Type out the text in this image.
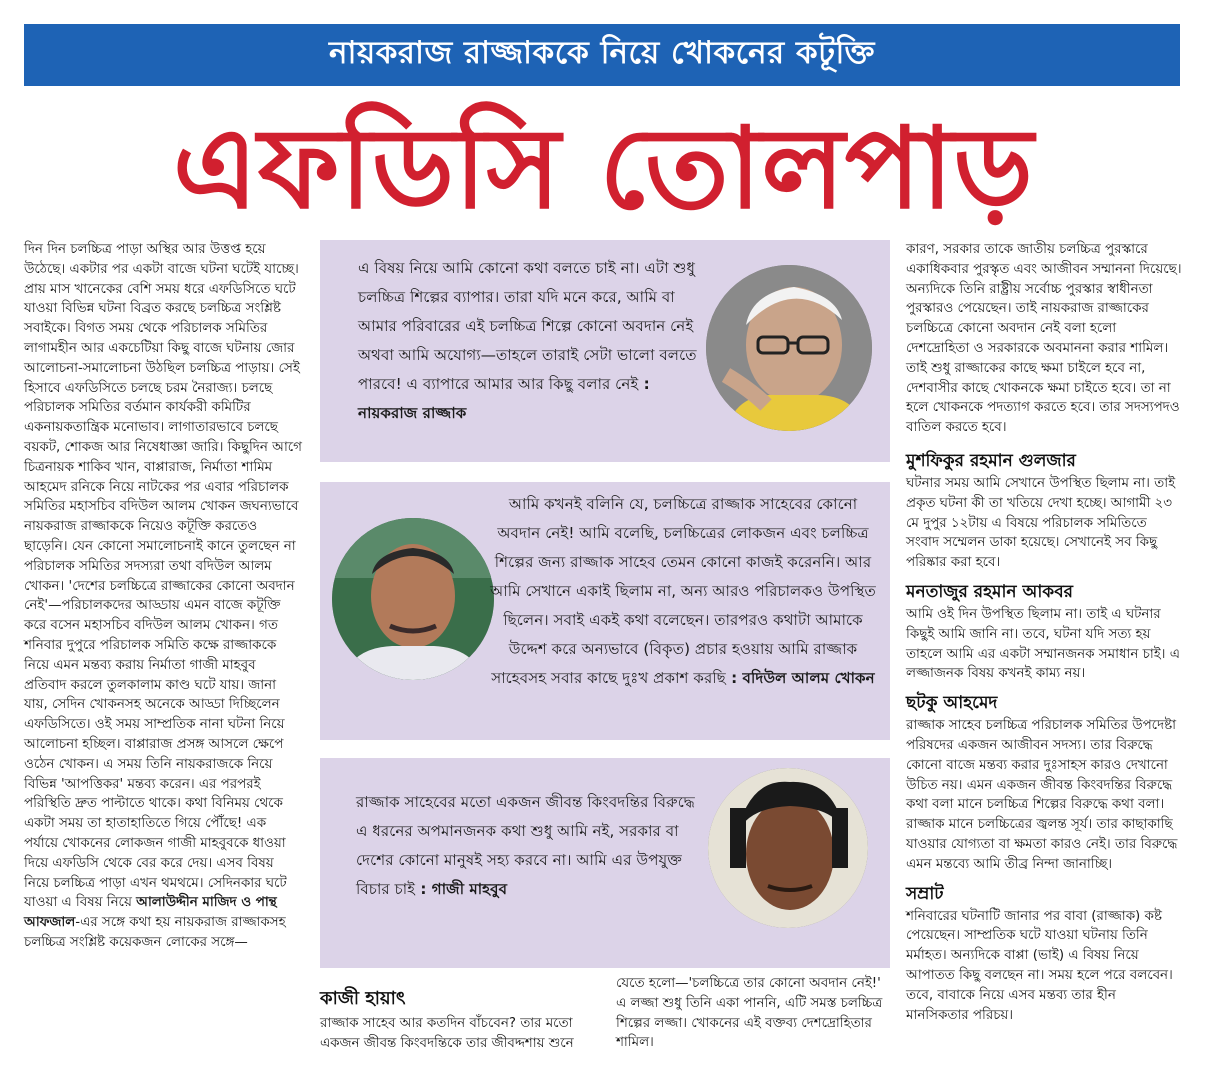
নায়করাজ রাজ্জাককে নিয়ে খোকনের কটূক্তি
এফডিসি তোলপাড়

দিন দিন চলচ্চিত্র পাড়া অস্থির আর উত্তপ্ত হয়ে উঠেছে। একটার পর একটা বাজে ঘটনা ঘটেই যাচ্ছে। প্রায় মাস খানেকের বেশি সময় ধরে এফডিসিতে ঘটে যাওয়া বিভিন্ন ঘটনা বিব্রত করছে চলচ্চিত্র সংশ্লিষ্ট সবাইকে। বিগত সময় থেকে পরিচালক সমিতির লাগামহীন আর একচেটিয়া কিছু বাজে ঘটনায় জোর আলোচনা-সমালোচনা উঠছিল চলচ্চিত্র পাড়ায়। সেই হিসাবে এফডিসিতে চলছে চরম নৈরাজ্য। চলছে পরিচালক সমিতির বর্তমান কার্যকরী কমিটির একনায়কতান্ত্রিক মনোভাব। লাগাতারভাবে চলছে বয়কট, শোকজ আর নিষেধাজ্ঞা জারি। কিছুদিন আগে চিত্রনায়ক শাকিব খান, বাপ্পারাজ, নির্মাতা শামিম আহমেদ রনিকে নিয়ে নাটকের পর এবার পরিচালক সমিতির মহাসচিব বদিউল আলম খোকন জঘন্যভাবে নায়করাজ রাজ্জাককে নিয়েও কটূক্তি করতেও ছাড়েনি। যেন কোনো সমালোচনাই কানে তুলছেন না পরিচালক সমিতির সদস্যরা তথা বদিউল আলম খোকন। 'দেশের চলচ্চিত্রে রাজ্জাকের কোনো অবদান নেই'—পরিচালকদের আড্ডায় এমন বাজে কটূক্তি করে বসেন মহাসচিব বদিউল আলম খোকন। গত শনিবার দুপুরে পরিচালক সমিতি কক্ষে রাজ্জাককে নিয়ে এমন মন্তব্য করায় নির্মাতা গাজী মাহবুব প্রতিবাদ করলে তুলকালাম কাণ্ড ঘটে যায়। জানা যায়, সেদিন খোকনসহ অনেকে আড্ডা দিচ্ছিলেন এফডিসিতে। ওই সময় সাম্প্রতিক নানা ঘটনা নিয়ে আলোচনা হচ্ছিল। বাপ্পারাজ প্রসঙ্গ আসলে ক্ষেপে ওঠেন খোকন। এ সময় তিনি নায়করাজকে নিয়ে বিভিন্ন 'আপত্তিকর' মন্তব্য করেন। এর পরপরই পরিস্থিতি দ্রুত পাল্টাতে থাকে। কথা বিনিময় থেকে একটা সময় তা হাতাহাতিতে গিয়ে পৌঁছে! এক পর্যায়ে খোকনের লোকজন গাজী মাহবুবকে ধাওয়া দিয়ে এফডিসি থেকে বের করে দেয়। এসব বিষয় নিয়ে চলচ্চিত্র পাড়া এখন থমথমে। সেদিনকার ঘটে যাওয়া এ বিষয় নিয়ে আলাউদ্দীন মাজিদ ও পান্থ আফজাল-এর সঙ্গে কথা হয় নায়করাজ রাজ্জাকসহ চলচ্চিত্র সংশ্লিষ্ট কয়েকজন লোকের সঙ্গে—

এ বিষয় নিয়ে আমি কোনো কথা বলতে চাই না। এটা শুধু চলচ্চিত্র শিল্পের ব্যাপার। তারা যদি মনে করে, আমি বা আমার পরিবারের এই চলচ্চিত্র শিল্পে কোনো অবদান নেই অথবা আমি অযোগ্য—তাহলে তারাই সেটা ভালো বলতে পারবে! এ ব্যাপারে আমার আর কিছু বলার নেই : নায়করাজ রাজ্জাক
আমি কখনই বলিনি যে, চলচ্চিত্রে রাজ্জাক সাহেবের কোনো অবদান নেই! আমি বলেছি, চলচ্চিত্রের লোকজন এবং চলচ্চিত্র শিল্পের জন্য রাজ্জাক সাহেব তেমন কোনো কাজই করেননি। আর আমি সেখানে একাই ছিলাম না, অন্য আরও পরিচালকও উপস্থিত ছিলেন। সবাই একই কথা বলেছেন। তারপরও কথাটা আমাকে উদ্দেশ করে অন্যভাবে (বিকৃত) প্রচার হওয়ায় আমি রাজ্জাক সাহেবসহ সবার কাছে দুঃখ প্রকাশ করছি : বদিউল আলম খোকন
রাজ্জাক সাহেবের মতো একজন জীবন্ত কিংবদন্তির বিরুদ্ধে এ ধরনের অপমানজনক কথা শুধু আমি নই, সরকার বা দেশের কোনো মানুষই সহ্য করবে না। আমি এর উপযুক্ত বিচার চাই : গাজী মাহবুব
কাজী হায়াৎ

রাজ্জাক সাহেব আর কতদিন বাঁচবেন? তার মতো একজন জীবন্ত কিংবদন্তিকে তার জীবদ্দশায় শুনে

যেতে হলো—'চলচ্চিত্রে তার কোনো অবদান নেই!' এ লজ্জা শুধু তিনি একা পাননি, এটি সমস্ত চলচ্চিত্র শিল্পের লজ্জা। খোকনের এই বক্তব্য দেশদ্রোহিতার শামিল।

কারণ, সরকার তাকে জাতীয় চলচ্চিত্র পুরস্কারে একাধিকবার পুরস্কৃত এবং আজীবন সম্মাননা দিয়েছে। অন্যদিকে তিনি রাষ্ট্রীয় সর্বোচ্চ পুরস্কার স্বাধীনতা পুরস্কারও পেয়েছেন। তাই নায়করাজ রাজ্জাকের চলচ্চিত্রে কোনো অবদান নেই বলা হলো দেশদ্রোহিতা ও সরকারকে অবমাননা করার শামিল। তাই শুধু রাজ্জাকের কাছে ক্ষমা চাইলে হবে না, দেশবাসীর কাছে খোকনকে ক্ষমা চাইতে হবে। তা না হলে খোকনকে পদত্যাগ করতে হবে। তার সদস্যপদও বাতিল করতে হবে।

মুশফিকুর রহমান গুলজার

ঘটনার সময় আমি সেখানে উপস্থিত ছিলাম না। তাই প্রকৃত ঘটনা কী তা খতিয়ে দেখা হচ্ছে। আগামী ২৩ মে দুপুর ১২টায় এ বিষয়ে পরিচালক সমিতিতে সংবাদ সম্মেলন ডাকা হয়েছে। সেখানেই সব কিছু পরিষ্কার করা হবে।

মনতাজুর রহমান আকবর

আমি ওই দিন উপস্থিত ছিলাম না। তাই এ ঘটনার কিছুই আমি জানি না। তবে, ঘটনা যদি সত্য হয় তাহলে আমি এর একটা সম্মানজনক সমাধান চাই। এ লজ্জাজনক বিষয় কখনই কাম্য নয়।

ছটকু আহমেদ

রাজ্জাক সাহেব চলচ্চিত্র পরিচালক সমিতির উপদেষ্টা পরিষদের একজন আজীবন সদস্য। তার বিরুদ্ধে কোনো বাজে মন্তব্য করার দুঃসাহস কারও দেখানো উচিত নয়। এমন একজন জীবন্ত কিংবদন্তির বিরুদ্ধে কথা বলা মানে চলচ্চিত্র শিল্পের বিরুদ্ধে কথা বলা। রাজ্জাক মানে চলচ্চিত্রের জ্বলন্ত সূর্য। তার কাছাকাছি যাওয়ার যোগ্যতা বা ক্ষমতা কারও নেই। তার বিরুদ্ধে এমন মন্তব্যে আমি তীব্র নিন্দা জানাচ্ছি।

সম্রাট

শনিবারের ঘটনাটি জানার পর বাবা (রাজ্জাক) কষ্ট পেয়েছেন। সাম্প্রতিক ঘটে যাওয়া ঘটনায় তিনি মর্মাহত। অন্যদিকে বাপ্পা (ভাই) এ বিষয় নিয়ে আপাতত কিছু বলছেন না। সময় হলে পরে বলবেন। তবে, বাবাকে নিয়ে এসব মন্তব্য তার হীন মানসিকতার পরিচয়।
